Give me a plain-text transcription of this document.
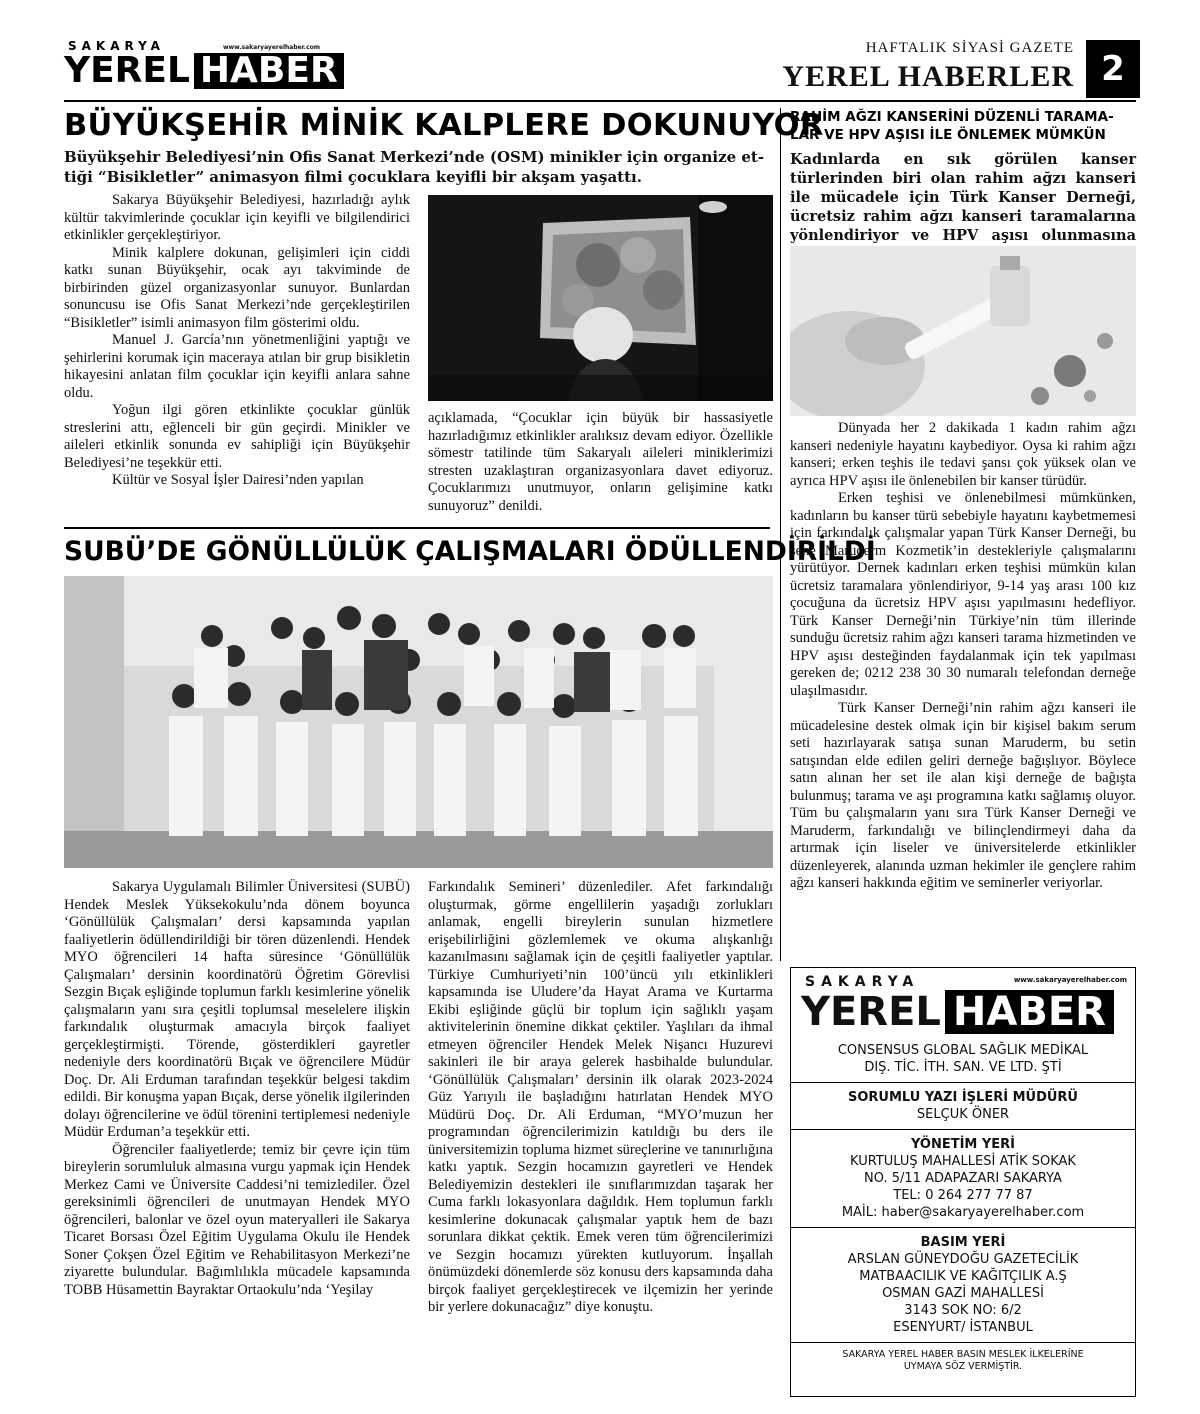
SAKARYA
YEREL HABER
www.sakaryayerelhaber.com	HAFTALIK SİYASİ GAZETE
YEREL HABERLER 2
BÜYÜKŞEHİR MİNİK KALPLERE DOKUNUYOR
Büyükşehir Belediyesi’nin Ofis Sanat Merkezi’nde (OSM) minikler için organize et- tiği “Bisikletler” animasyon filmi çocuklara keyifli bir akşam yaşattı.

Sakarya Büyükşehir Belediyesi, hazırladığı aylık kültür takvimlerinde çocuklar için keyifli ve bilgilendirici etkinlikler gerçekleştiriyor.

Minik kalplere dokunan, gelişimleri için ciddi katkı sunan Büyükşehir, ocak ayı takviminde de birbirinden güzel organizasyonlar sunuyor. Bunlardan sonuncusu ise Ofis Sanat Merkezi’nde gerçekleştirilen “Bisikletler” isimli animasyon film gösterimi oldu.

Manuel J. García’nın yönetmenliğini yaptığı ve şehirlerini korumak için maceraya atılan bir grup bisikletin hikayesini anlatan film çocuklar için keyifli anlara sahne oldu.

Yoğun ilgi gören etkinlikte çocuklar günlük streslerini attı, eğlenceli bir gün geçirdi. Minikler ve aileleri etkinlik sonunda ev sahipliği için Büyükşehir Belediyesi’ne teşekkür etti.

Kültür ve Sosyal İşler Dairesi’nden yapılan

açıklamada, “Çocuklar için büyük bir hassasiyetle hazırladığımız etkinlikler aralıksız devam ediyor. Özellikle sömestr tatilinde tüm Sakaryalı aileleri miniklerimizi stresten uzaklaştıran organizasyonlara davet ediyoruz. Çocuklarımızı unutmuyor, onların gelişimine katkı sunuyoruz” denildi.

SUBÜ’DE GÖNÜLLÜLÜK ÇALIŞMALARI ÖDÜLLENDİRİLDİ

Sakarya Uygulamalı Bilimler Üniversitesi (SUBÜ) Hendek Meslek Yüksekokulu’nda dönem boyunca ‘Gönüllülük Çalışmaları’ dersi kapsamında yapılan faaliyetlerin ödüllendirildiği bir tören düzenlendi. Hendek MYO öğrencileri 14 hafta süresince ‘Gönüllülük Çalışmaları’ dersinin koordinatörü Öğretim Görevlisi Sezgin Bıçak eşliğinde toplumun farklı kesimlerine yönelik çalışmaların yanı sıra çeşitli toplumsal meselelere ilişkin farkındalık oluşturmak amacıyla birçok faaliyet gerçekleştirmişti. Törende, gösterdikleri gayretler nedeniyle ders koordinatörü Bıçak ve öğrencilere Müdür Doç. Dr. Ali Erduman tarafından teşekkür belgesi takdim edildi. Bir konuşma yapan Bıçak, derse yönelik ilgilerinden dolayı öğrencilerine ve ödül törenini tertiplemesi nedeniyle Müdür Erduman’a teşekkür etti.

Öğrenciler faaliyetlerde; temiz bir çevre için tüm bireylerin sorumluluk almasına vurgu yapmak için Hendek Merkez Cami ve Üniversite Caddesi’ni temizlediler. Özel gereksinimli öğrencileri de unutmayan Hendek MYO öğrencileri, balonlar ve özel oyun materyalleri ile Sakarya Ticaret Borsası Özel Eğitim Uygulama Okulu ile Hendek Soner Çokşen Özel Eğitim ve Rehabilitasyon Merkezi’ne ziyarette bulundular. Bağımlılıkla mücadele kapsamında TOBB Hüsamettin Bayraktar Ortaokulu’nda ‘Yeşilay

Farkındalık Semineri’ düzenlediler. Afet farkındalığı oluşturmak, görme engellilerin yaşadığı zorlukları anlamak, engelli bireylerin sunulan hizmetlere erişebilirliğini gözlemlemek ve okuma alışkanlığı kazanılmasını sağlamak için de çeşitli faaliyetler yaptılar. Türkiye Cumhuriyeti’nin 100’üncü yılı etkinlikleri kapsamında ise Uludere’da Hayat Arama ve Kurtarma Ekibi eşliğinde güçlü bir toplum için sağlıklı yaşam aktivitelerinin önemine dikkat çektiler. Yaşlıları da ihmal etmeyen öğrenciler Hendek Melek Nişancı Huzurevi sakinleri ile bir araya gelerek hasbihalde bulundular. ‘Gönüllülük Çalışmaları’ dersinin ilk olarak 2023-2024 Güz Yarıyılı ile başladığını hatırlatan Hendek MYO Müdürü Doç. Dr. Ali Erduman, “MYO’muzun her programından öğrencilerimizin katıldığı bu ders ile üniversitemizin topluma hizmet süreçlerine ve tanınırlığına katkı yaptık. Sezgin hocamızın gayretleri ve Hendek Belediyemizin destekleri ile sınıflarımızdan taşarak her Cuma farklı lokasyonlara dağıldık. Hem toplumun farklı kesimlerine dokunacak çalışmalar yaptık hem de bazı sorunlara dikkat çektik. Emek veren tüm öğrencilerimizi ve Sezgin hocamızı yürekten kutluyorum. İnşallah önümüzdeki dönemlerde söz konusu ders kapsamında daha birçok faaliyet gerçekleştirecek ve ilçemizin her yerinde bir yerlere dokunacağız” diye konuştu.

RAHİM AĞZI KANSERİNİ DÜZENLİ TARAMA-
LAR VE HPV AŞISI İLE ÖNLEMEK MÜMKÜN
Kadınlarda en sık görülen kanser türlerinden biri olan rahim ağzı kanseri ile mücadele için Türk Kanser Derneği, ücretsiz rahim ağzı kanseri taramalarına yönlendiriyor ve HPV aşısı olunmasına

Dünyada her 2 dakikada 1 kadın rahim ağzı kanseri nedeniyle hayatını kaybediyor. Oysa ki rahim ağzı kanseri; erken teşhis ile tedavi şansı çok yüksek olan ve ayrıca HPV aşısı ile önlenebilen bir kanser türüdür.

Erken teşhisi ve önlenebilmesi mümkünken, kadınların bu kanser türü sebebiyle hayatını kaybetmemesi için farkındalık çalışmalar yapan Türk Kanser Derneği, bu sene Maruderm Kozmetik’in destekleriyle çalışmalarını yürütüyor. Dernek kadınları erken teşhisi mümkün kılan ücretsiz taramalara yönlendiriyor, 9-14 yaş arası 100 kız çocuğuna da ücretsiz HPV aşısı yapılmasını hedefliyor. Türk Kanser Derneği’nin Türkiye’nin tüm illerinde sunduğu ücretsiz rahim ağzı kanseri tarama hizmetinden ve HPV aşısı desteğinden faydalanmak için tek yapılması gereken de; 0212 238 30 30 numaralı telefondan derneğe ulaşılmasıdır.

Türk Kanser Derneği’nin rahim ağzı kanseri ile mücadelesine destek olmak için bir kişisel bakım serum seti hazırlayarak satışa sunan Maruderm, bu setin satışından elde edilen geliri derneğe bağışlıyor. Böylece satın alınan her set ile alan kişi derneğe de bağışta bulunmuş; tarama ve aşı programına katkı sağlamış oluyor. Tüm bu çalışmaların yanı sıra Türk Kanser Derneği ve Maruderm, farkındalığı ve bilinçlendirmeyi daha da artırmak için liseler ve üniversitelerde etkinlikler düzenleyerek, alanında uzman hekimler ile gençlere rahim ağzı kanseri hakkında eğitim ve seminerler veriyorlar.

SAKARYA
YEREL HABER
www.sakaryayerelhaber.com
CONSENSUS GLOBAL SAĞLIK MEDİKAL
DIŞ. TİC. İTH. SAN. VE LTD. ŞTİ
SORUMLU YAZI İŞLERİ MÜDÜRÜ
SELÇUK ÖNER
YÖNETİM YERİ
KURTULUŞ MAHALLESİ ATİK SOKAK
NO. 5/11 ADAPAZARI SAKARYA
TEL: 0 264 277 77 87
MAİL: haber@sakaryayerelhaber.com
BASIM YERİ
ARSLAN GÜNEYDOĞU GAZETECİLİK
MATBAACILIK VE KAĞITÇILIK A.Ş
OSMAN GAZİ MAHALLESİ
3143 SOK NO: 6/2
ESENYURT/ İSTANBUL
SAKARYA YEREL HABER BASIN MESLEK İLKELERİNE
UYMAYA SÖZ VERMİŞTİR.
